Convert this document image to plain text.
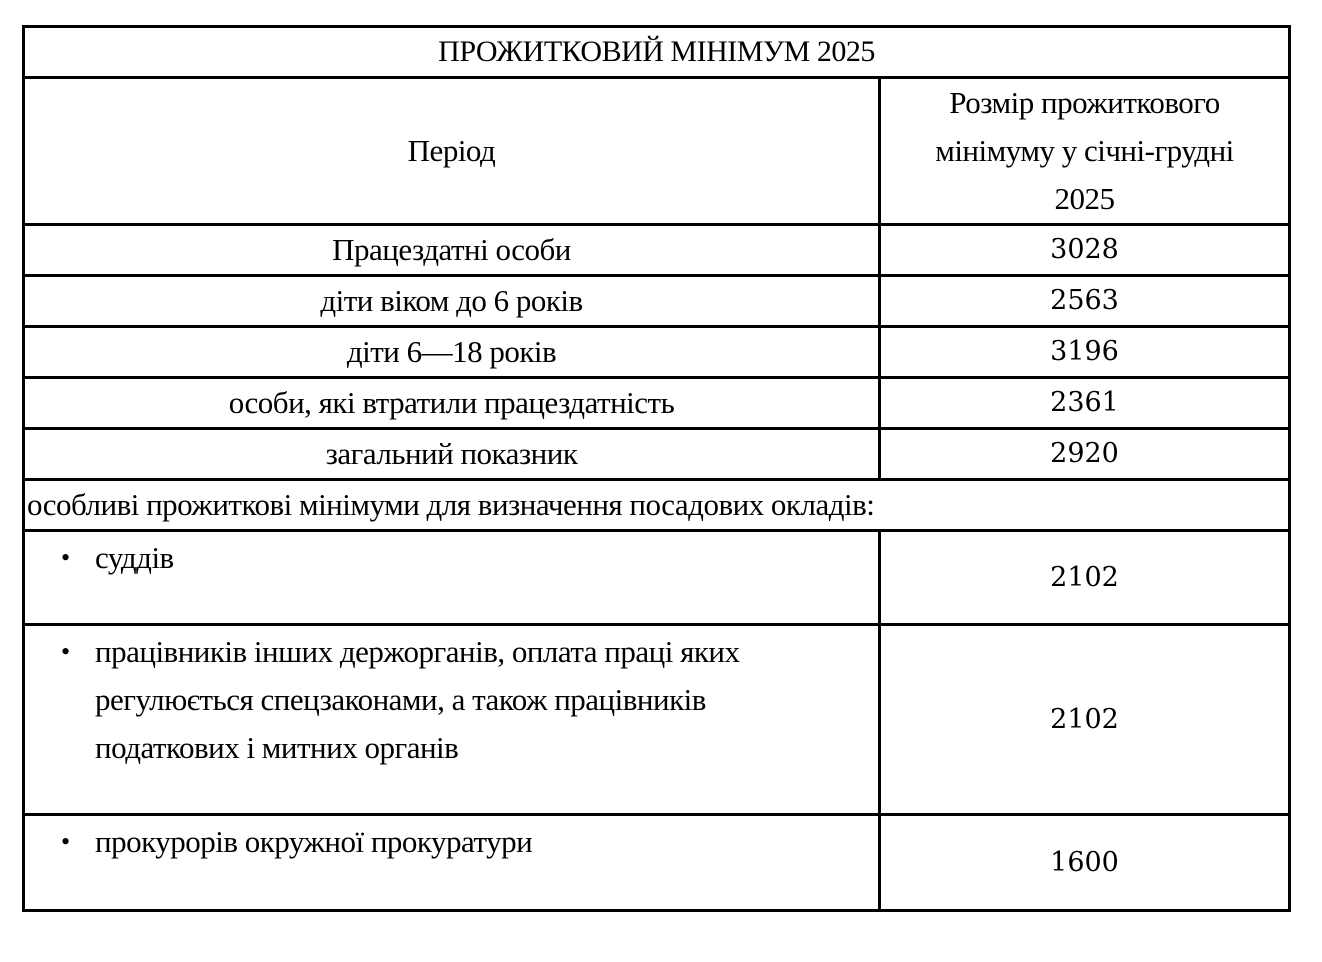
ПРОЖИТКОВИЙ МІНІМУМ 2025	
Період	Розмір прожиткового
мінімуму у січні-грудні
2025

Працездатні особи	3028
діти віком до 6 років	2563
діти 6—18 років	3196
особи, які втратили працездатність	2361
загальний показник	2920
особливі прожиткові мінімуми для визначення посадових окладів:	

• суддів	2102

• працівників інших держорганів, оплата праці яких
регулюється спецзаконами, а також працівників
податкових і митних органів	2102

• прокурорів окружної прокуратури	1600
